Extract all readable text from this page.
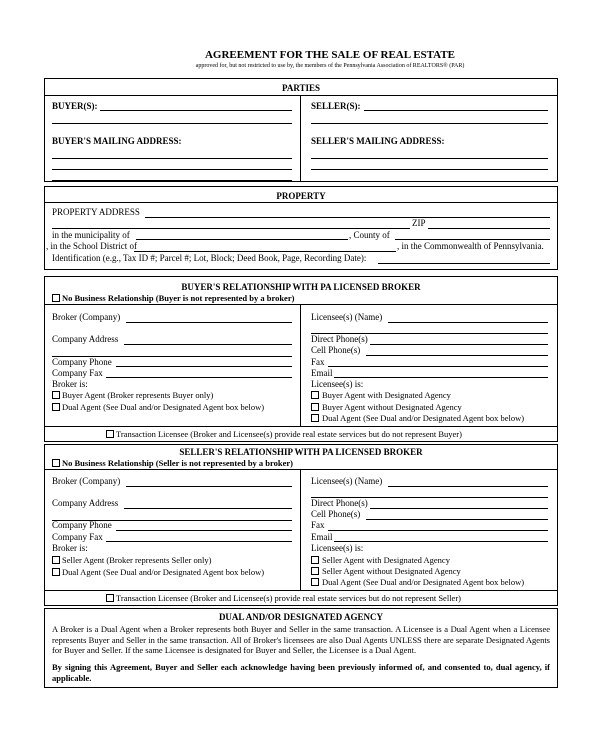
AGREEMENT FOR THE SALE OF REAL ESTATE
approved for, but not restricted to use by, the members of the Pennsylvania Association of REALTORS® (PAR)
PARTIES
BUYER(S):
BUYER'S MAILING ADDRESS:
SELLER(S):
SELLER'S MAILING ADDRESS:
PROPERTY
PROPERTY ADDRESS
ZIP
in the municipality of	, County of
, in the School District of	, in the Commonwealth of Pennsylvania.
Identification (e.g., Tax ID #; Parcel #; Lot, Block; Deed Book, Page, Recording Date):
BUYER'S RELATIONSHIP WITH PA LICENSED BROKER
No Business Relationship (Buyer is not represented by a broker)
Broker (Company)
Company Address
Company Phone
Company Fax
Broker is:
Buyer Agent (Broker represents Buyer only)
Dual Agent (See Dual and/or Designated Agent box below)
Licensee(s) (Name)
Direct Phone(s)
Cell Phone(s)
Fax
Email
Licensee(s) is:
Buyer Agent with Designated Agency
Buyer Agent without Designated Agency
Dual Agent (See Dual and/or Designated Agent box below)
Transaction Licensee (Broker and Licensee(s) provide real estate services but do not represent Buyer)
SELLER'S RELATIONSHIP WITH PA LICENSED BROKER
No Business Relationship (Seller is not represented by a broker)
Broker (Company)
Company Address
Company Phone
Company Fax
Broker is:
Seller Agent (Broker represents Seller only)
Dual Agent (See Dual and/or Designated Agent box below)
Licensee(s) (Name)
Direct Phone(s)
Cell Phone(s)
Fax
Email
Licensee(s) is:
Seller Agent with Designated Agency
Seller Agent without Designated Agency
Dual Agent (See Dual and/or Designated Agent box below)
Transaction Licensee (Broker and Licensee(s) provide real estate services but do not represent Seller)
DUAL AND/OR DESIGNATED AGENCY
A Broker is a Dual Agent when a Broker represents both Buyer and Seller in the same transaction. A Licensee is a Dual Agent when a Licensee represents Buyer and Seller in the same transaction. All of Broker's licensees are also Dual Agents UNLESS there are separate Designated Agents for Buyer and Seller. If the same Licensee is designated for Buyer and Seller, the Licensee is a Dual Agent.
By signing this Agreement, Buyer and Seller each acknowledge having been previously informed of, and consented to, dual agency, if applicable.
